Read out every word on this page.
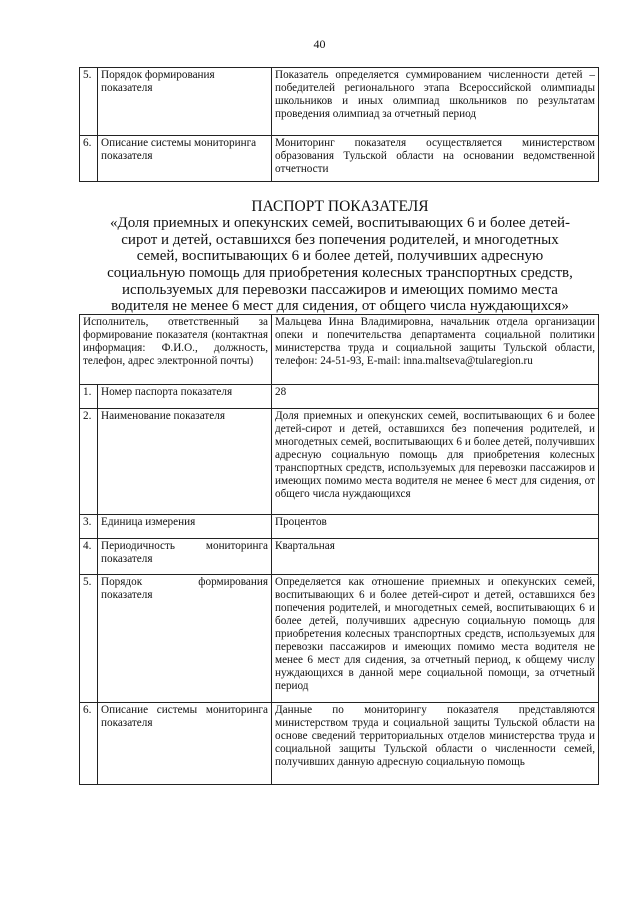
40
5.	Порядок формирования показателя	Показатель определяется суммированием численности детей – победителей регионального этапа Всероссийской олимпиады школьников и иных олимпиад школьников по результатам проведения олимпиад за отчетный период
6.	Описание системы мониторинга показателя	Мониторинг показателя осуществляется министерством образования Тульской области на основании ведомственной отчетности
ПАСПОРТ ПОКАЗАТЕЛЯ
«Доля приемных и опекунских семей, воспитывающих 6 и более детей-сирот и детей, оставшихся без попечения родителей, и многодетных семей, воспитывающих 6 и более детей, получивших адресную социальную помощь для приобретения колесных транспортных средств, используемых для перевозки пассажиров и имеющих помимо места водителя не менее 6 мест для сидения, от общего числа нуждающихся»
Исполнитель, ответственный за формирование показателя (контактная информация: Ф.И.О., должность, телефон, адрес электронной почты)		Мальцева Инна Владимировна, начальник отдела организации опеки и попечительства департамента социальной политики министерства труда и социальной защиты Тульской области, телефон: 24-51-93, E-mail: inna.maltseva@tularegion.ru
1.	Номер паспорта показателя	28
2.	Наименование показателя	Доля приемных и опекунских семей, воспитывающих 6 и более детей-сирот и детей, оставшихся без попечения родителей, и многодетных семей, воспитывающих 6 и более детей, получивших адресную социальную помощь для приобретения колесных транспортных средств, используемых для перевозки пассажиров и имеющих помимо места водителя не менее 6 мест для сидения, от общего числа нуждающихся
3.	Единица измерения	Процентов
4.	Периодичность мониторинга показателя	Квартальная
5.	Порядок формирования показателя	Определяется как отношение приемных и опекунских семей, воспитывающих 6 и более детей-сирот и детей, оставшихся без попечения родителей, и многодетных семей, воспитывающих 6 и более детей, получивших адресную социальную помощь для приобретения колесных транспортных средств, используемых для перевозки пассажиров и имеющих помимо места водителя не менее 6 мест для сидения, за отчетный период, к общему числу нуждающихся в данной мере социальной помощи, за отчетный период
6.	Описание системы мониторинга показателя	Данные по мониторингу показателя представляются министерством труда и социальной защиты Тульской области на основе сведений территориальных отделов министерства труда и социальной защиты Тульской области о численности семей, получивших данную адресную социальную помощь
